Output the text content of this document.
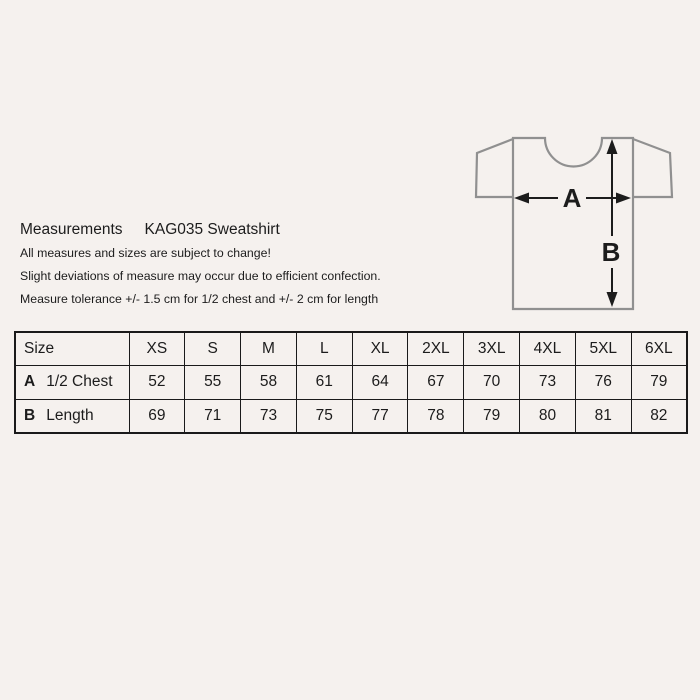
Measurements KAG035 Sweatshirt

All measures and sizes are subject to change!

Slight deviations of measure may occur due to efficient confection.

Measure tolerance +/- 1.5 cm for 1/2 chest and +/- 2 cm for length

A
B
Size	XS	S	M	L	XL	2XL	3XL	4XL	5XL	6XL
A 1/2 Chest	52	55	58	61	64	67	70	73	76	79
B Length	69	71	73	75	77	78	79	80	81	82
